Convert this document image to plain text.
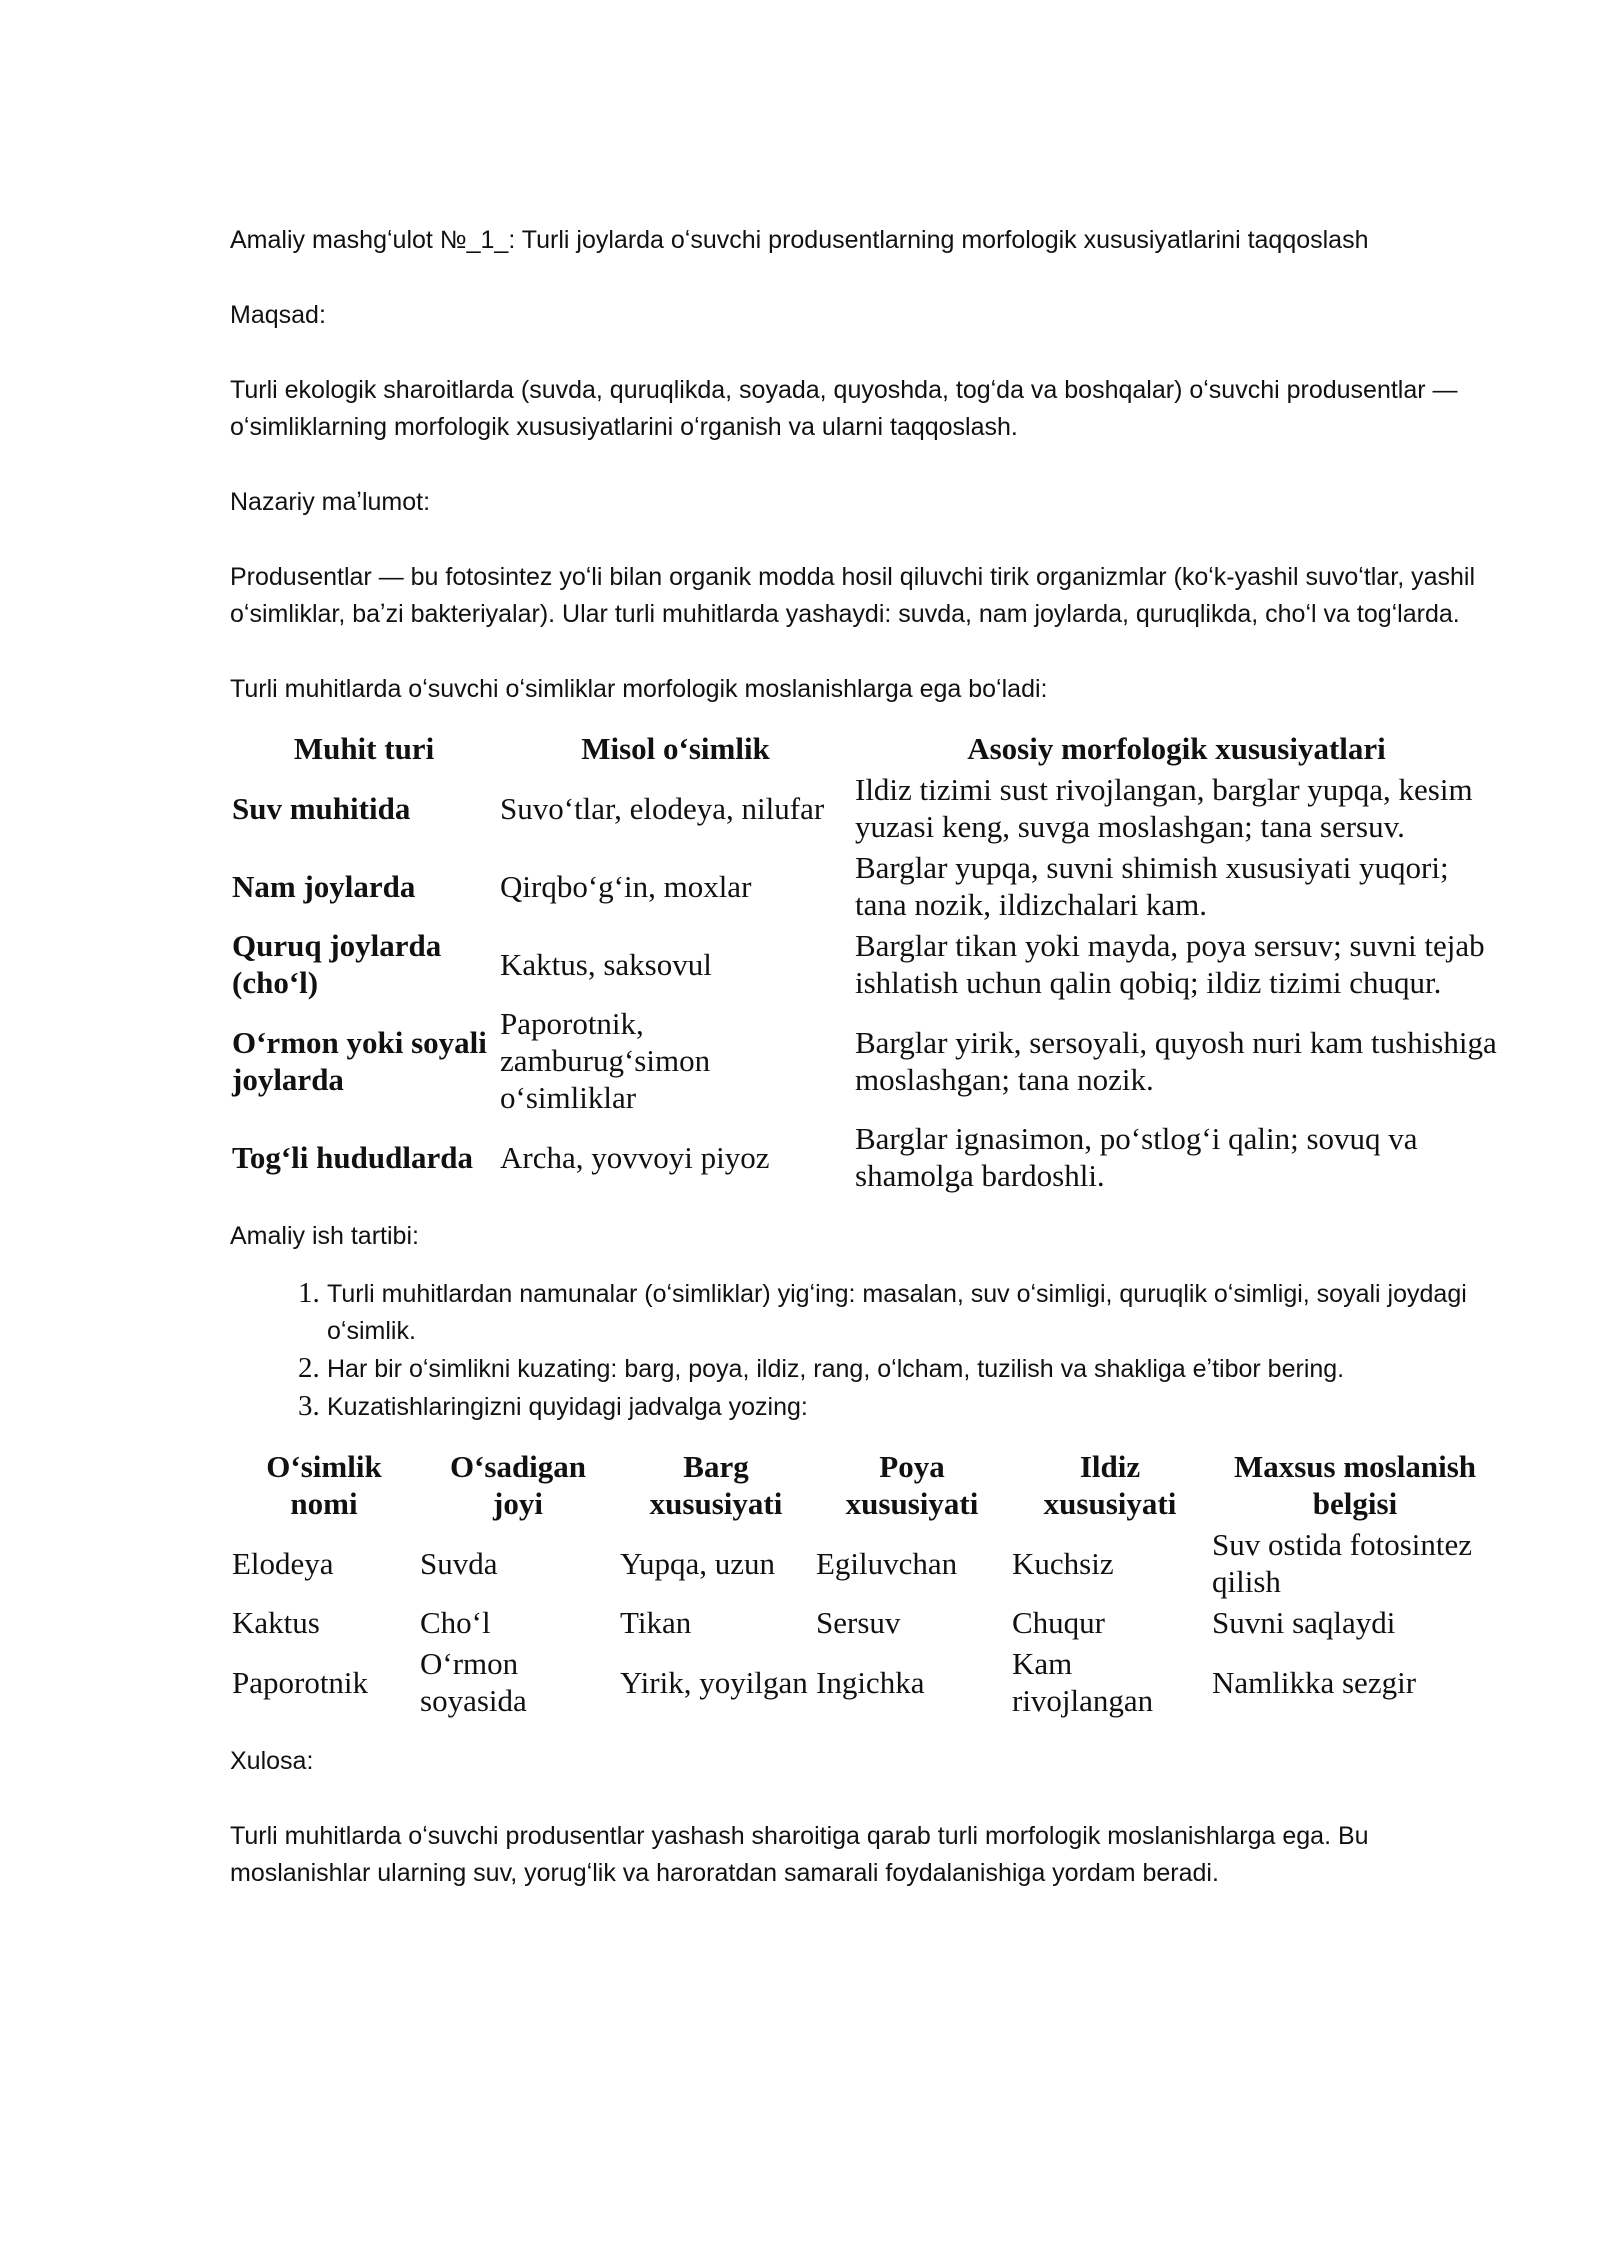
Amaliy mashgʻulot №_1_: Turli joylarda oʻsuvchi produsentlarning morfologik xususiyatlarini taqqoslash

Maqsad:

Turli ekologik sharoitlarda (suvda, quruqlikda, soyada, quyoshda, togʻda va boshqalar) oʻsuvchi produsentlar — oʻsimliklarning morfologik xususiyatlarini oʻrganish va ularni taqqoslash.

Nazariy maʼlumot:

Produsentlar — bu fotosintez yoʻli bilan organik modda hosil qiluvchi tirik organizmlar (koʻk-yashil suvoʻtlar, yashil oʻsimliklar, baʼzi bakteriyalar). Ular turli muhitlarda yashaydi: suvda, nam joylarda, quruqlikda, choʻl va togʻlarda.

Turli muhitlarda oʻsuvchi oʻsimliklar morfologik moslanishlarga ega boʻladi:

Muhit turi	Misol oʻsimlik	Asosiy morfologik xususiyatlari
Suv muhitida	Suvoʻtlar, elodeya, nilufar	Ildiz tizimi sust rivojlangan, barglar yupqa, kesim yuzasi keng, suvga moslashgan; tana sersuv.
Nam joylarda	Qirqboʻgʻin, moxlar	Barglar yupqa, suvni shimish xususiyati yuqori; tana nozik, ildizchalari kam.
Quruq joylarda (choʻl)	Kaktus, saksovul	Barglar tikan yoki mayda, poya sersuv; suvni tejab ishlatish uchun qalin qobiq; ildiz tizimi chuqur.
Oʻrmon yoki soyali joylarda	Paporotnik, zamburugʻsimon oʻsimliklar	Barglar yirik, sersoyali, quyosh nuri kam tushishiga moslashgan; tana nozik.
Togʻli hududlarda	Archa, yovvoyi piyoz	Barglar ignasimon, poʻstlogʻi qalin; sovuq va shamolga bardoshli.

Amaliy ish tartibi:

1. Turli muhitlardan namunalar (oʻsimliklar) yigʻing: masalan, suv oʻsimligi, quruqlik oʻsimligi, soyali joydagi oʻsimlik.
2. Har bir oʻsimlikni kuzating: barg, poya, ildiz, rang, oʻlcham, tuzilish va shakliga eʼtibor bering.
3. Kuzatishlaringizni quyidagi jadvalga yozing:
Oʻsimlik nomi	Oʻsadigan joyi	Barg xususiyati	Poya xususiyati	Ildiz xususiyati	Maxsus moslanish belgisi
Elodeya	Suvda	Yupqa, uzun	Egiluvchan	Kuchsiz	Suv ostida fotosintez qilish
Kaktus	Choʻl	Tikan	Sersuv	Chuqur	Suvni saqlaydi
Paporotnik	Oʻrmon soyasida	Yirik, yoyilgan	Ingichka	Kam rivojlangan	Namlikka sezgir

Xulosa:

Turli muhitlarda oʻsuvchi produsentlar yashash sharoitiga qarab turli morfologik moslanishlarga ega. Bu moslanishlar ularning suv, yorugʻlik va haroratdan samarali foydalanishiga yordam beradi.
